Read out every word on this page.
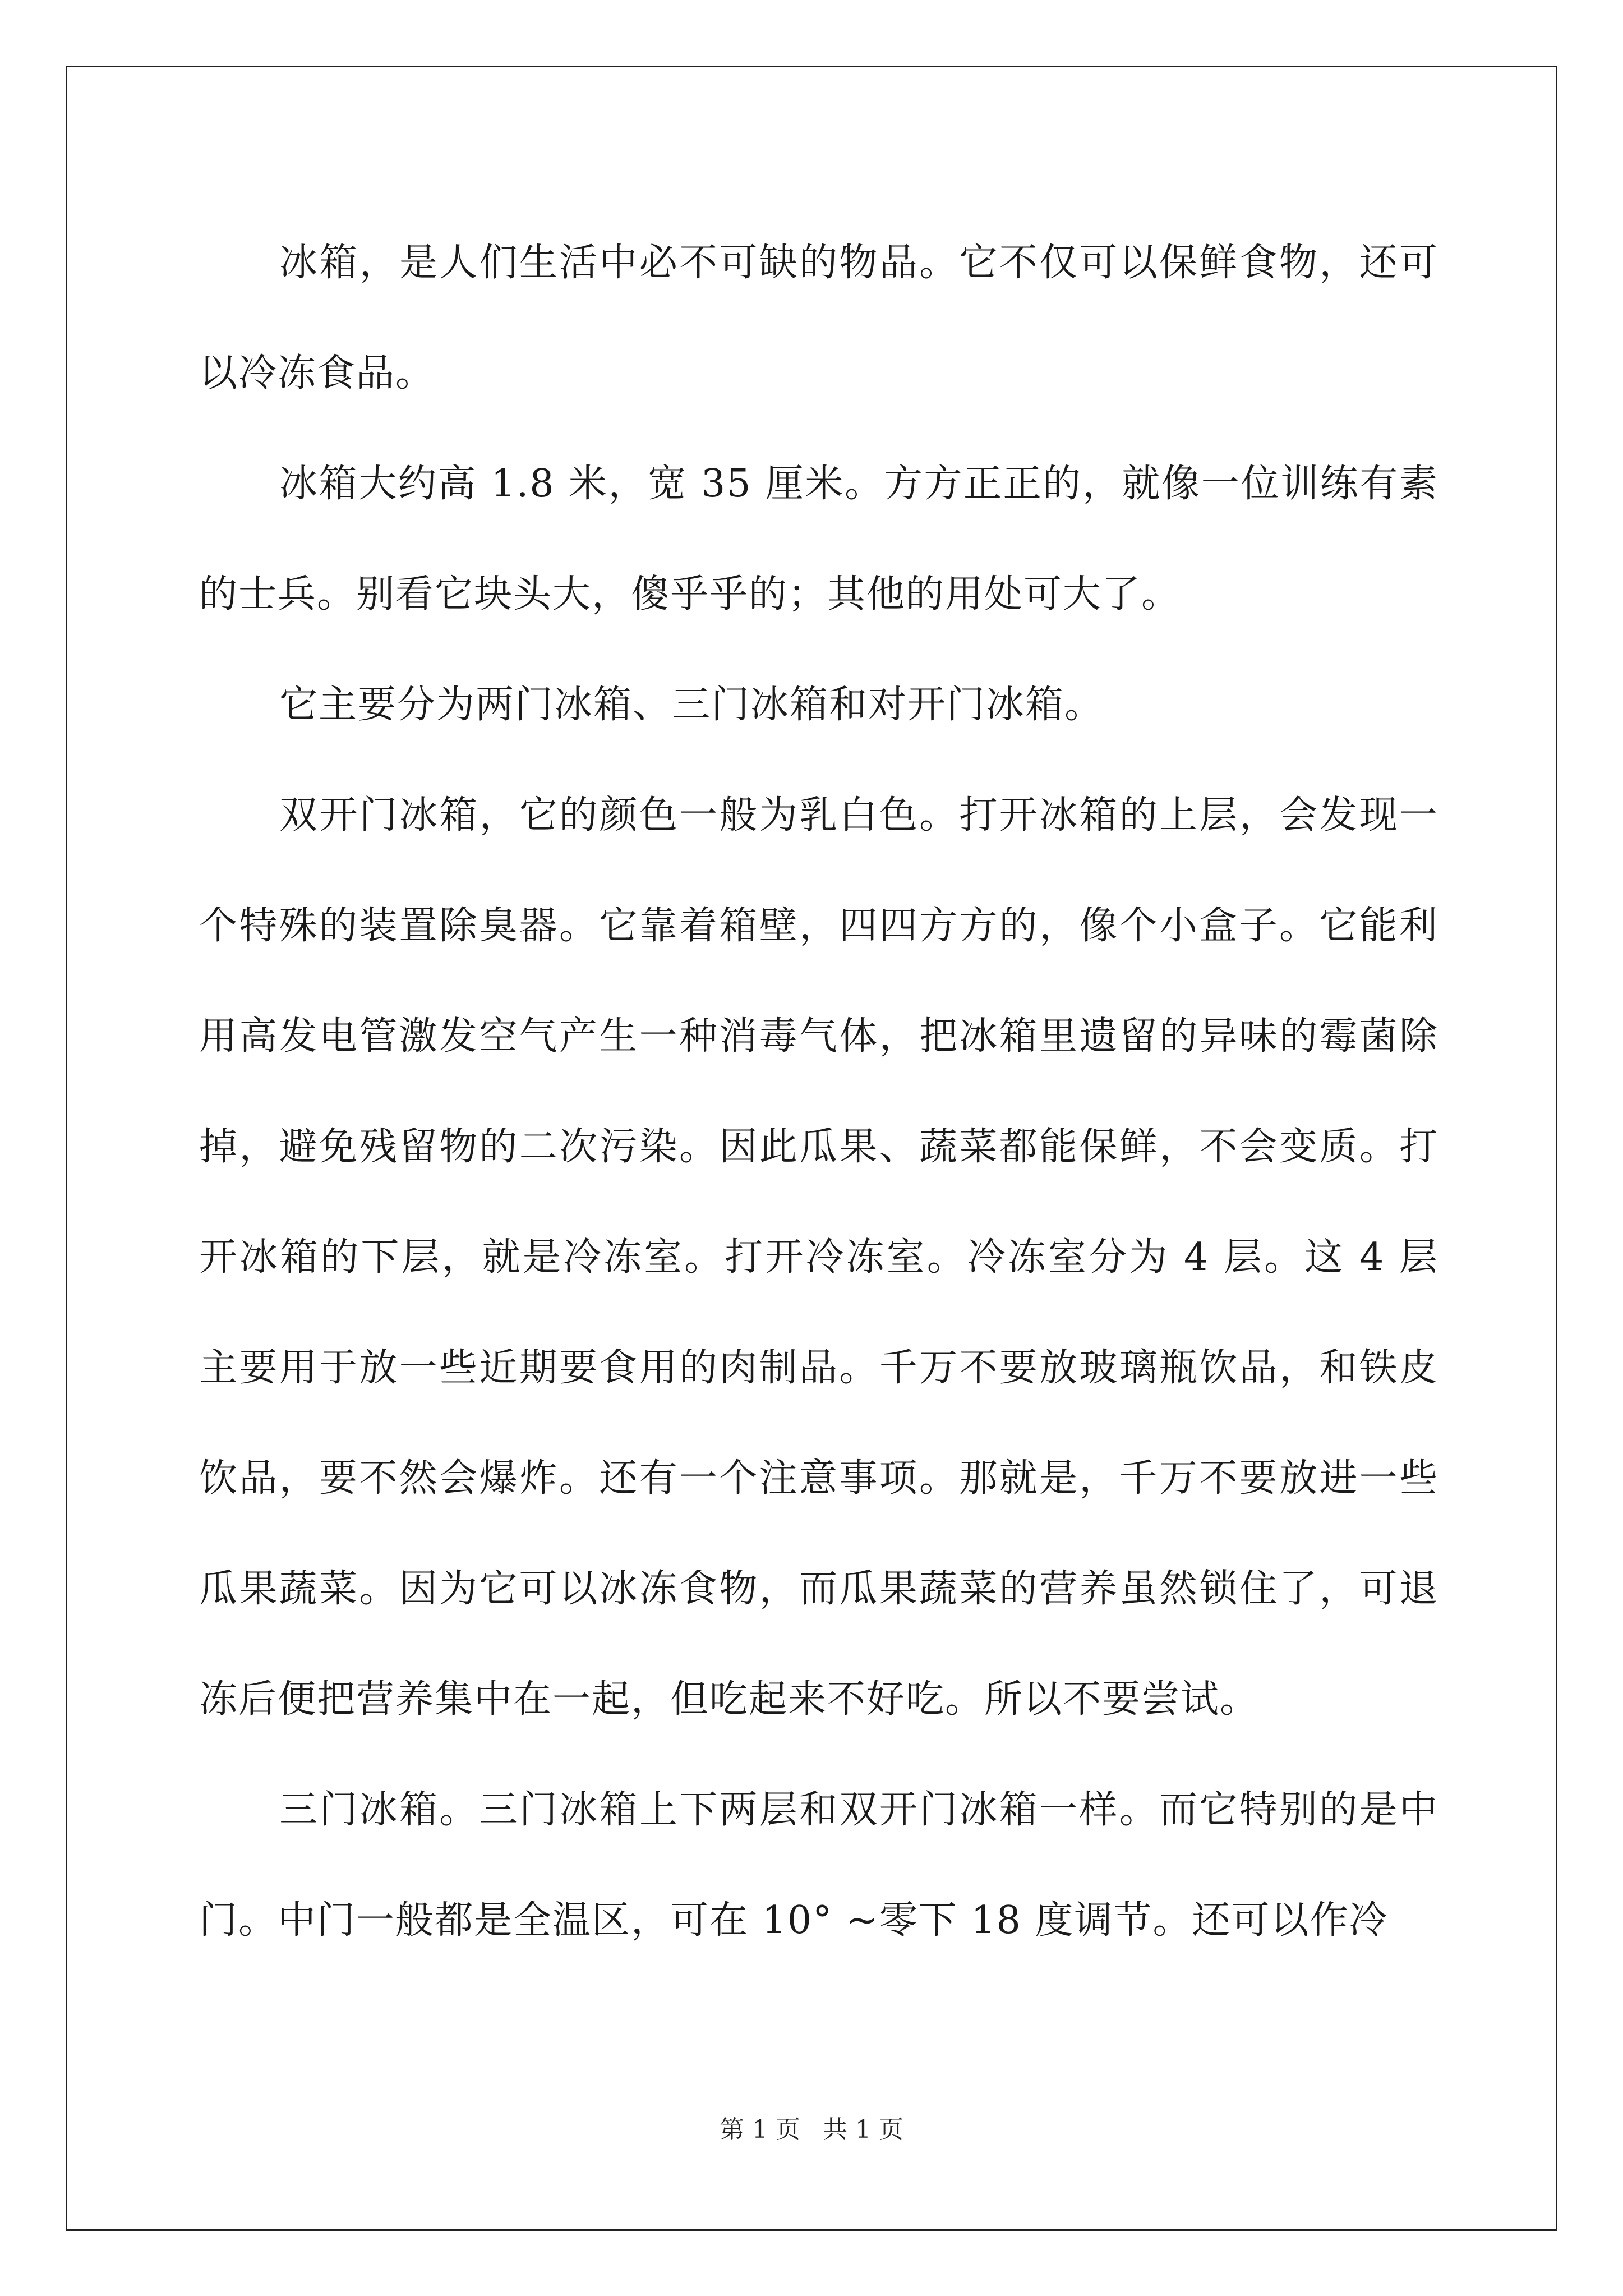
冰箱，是人们生活中必不可缺的物品。它不仅可以保鲜食物，还可以冷冻食品。

冰箱大约高 1.8 米，宽 35 厘米。方方正正的，就像一位训练有素的士兵。别看它块头大，傻乎乎的；其他的用处可大了。

它主要分为两门冰箱、三门冰箱和对开门冰箱。

双开门冰箱，它的颜色一般为乳白色。打开冰箱的上层，会发现一个特殊的装置除臭器。它靠着箱壁，四四方方的，像个小盒子。它能利用高发电管激发空气产生一种消毒气体，把冰箱里遗留的异味的霉菌除掉，避免残留物的二次污染。因此瓜果、蔬菜都能保鲜，不会变质。打开冰箱的下层，就是冷冻室。打开冷冻室。冷冻室分为 4 层。这 4 层主要用于放一些近期要食用的肉制品。千万不要放玻璃瓶饮品，和铁皮饮品，要不然会爆炸。还有一个注意事项。那就是，千万不要放进一些瓜果蔬菜。因为它可以冰冻食物，而瓜果蔬菜的营养虽然锁住了，可退冻后便把营养集中在一起，但吃起来不好吃。所以不要尝试。

三门冰箱。三门冰箱上下两层和双开门冰箱一样。而它特别的是中门。中门一般都是全温区，可在 10° ~零下 18 度调节。还可以作冷

第 1 页 共 1 页
